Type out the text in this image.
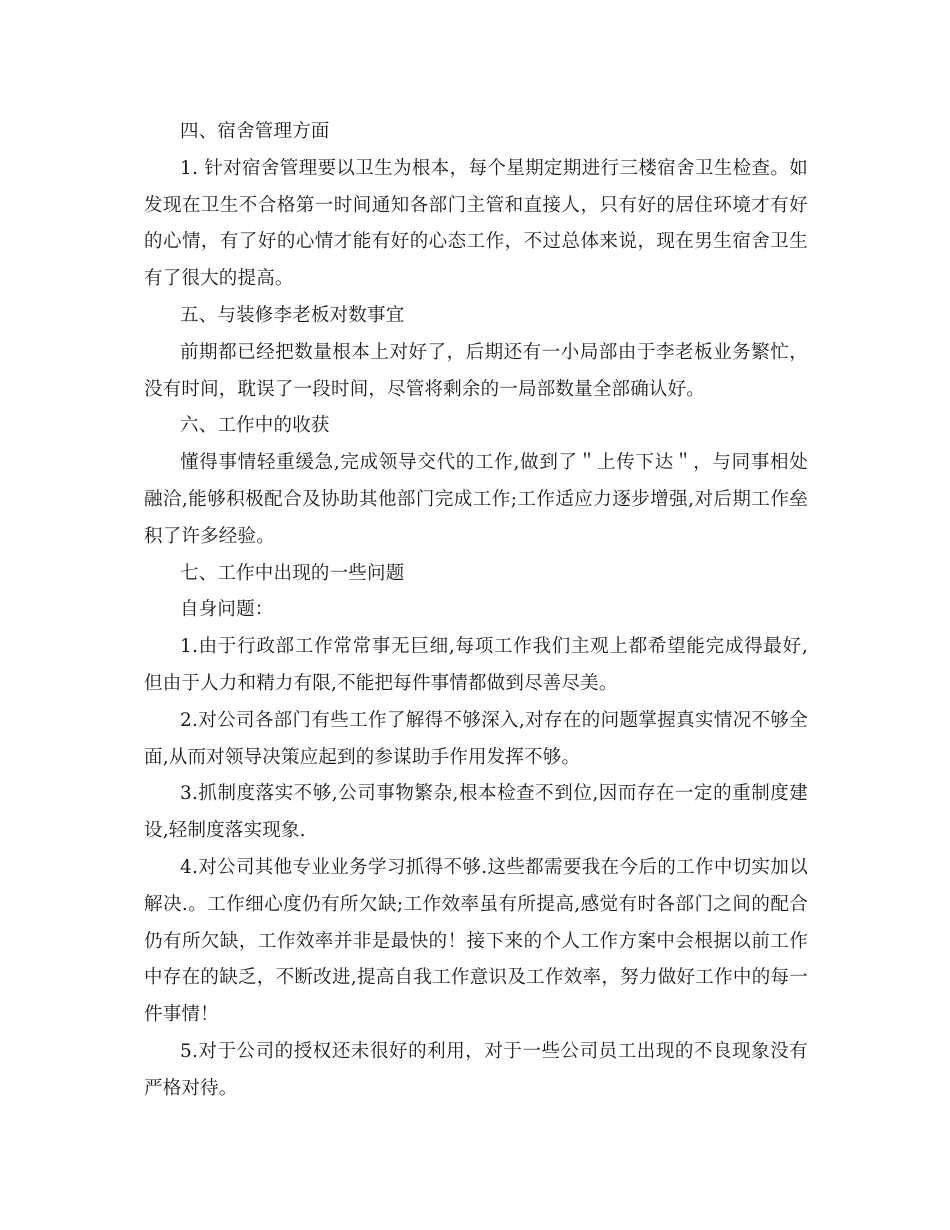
四、宿舍管理方面

1. 针对宿舍管理要以卫生为根本，每个星期定期进行三楼宿舍卫生检查。如发现在卫生不合格第一时间通知各部门主管和直接人，只有好的居住环境才有好的心情，有了好的心情才能有好的心态工作，不过总体来说，现在男生宿舍卫生有了很大的提高。

五、与装修李老板对数事宜

前期都已经把数量根本上对好了，后期还有一小局部由于李老板业务繁忙，没有时间，耽误了一段时间，尽管将剩余的一局部数量全部确认好。

六、工作中的收获

懂得事情轻重缓急,完成领导交代的工作,做到了＂上传下达＂，与同事相处融洽,能够积极配合及协助其他部门完成工作;工作适应力逐步增强,对后期工作垒积了许多经验。

七、工作中出现的一些问题

自身问题：

1.由于行政部工作常常事无巨细,每项工作我们主观上都希望能完成得最好,但由于人力和精力有限,不能把每件事情都做到尽善尽美。

2.对公司各部门有些工作了解得不够深入,对存在的问题掌握真实情况不够全面,从而对领导决策应起到的参谋助手作用发挥不够。

3.抓制度落实不够,公司事物繁杂,根本检查不到位,因而存在一定的重制度建设,轻制度落实现象.

4.对公司其他专业业务学习抓得不够.这些都需要我在今后的工作中切实加以解决.。工作细心度仍有所欠缺;工作效率虽有所提高,感觉有时各部门之间的配合仍有所欠缺，工作效率并非是最快的！接下来的个人工作方案中会根据以前工作中存在的缺乏，不断改进,提高自我工作意识及工作效率，努力做好工作中的每一件事情！

5.对于公司的授权还未很好的利用，对于一些公司员工出现的不良现象没有严格对待。
